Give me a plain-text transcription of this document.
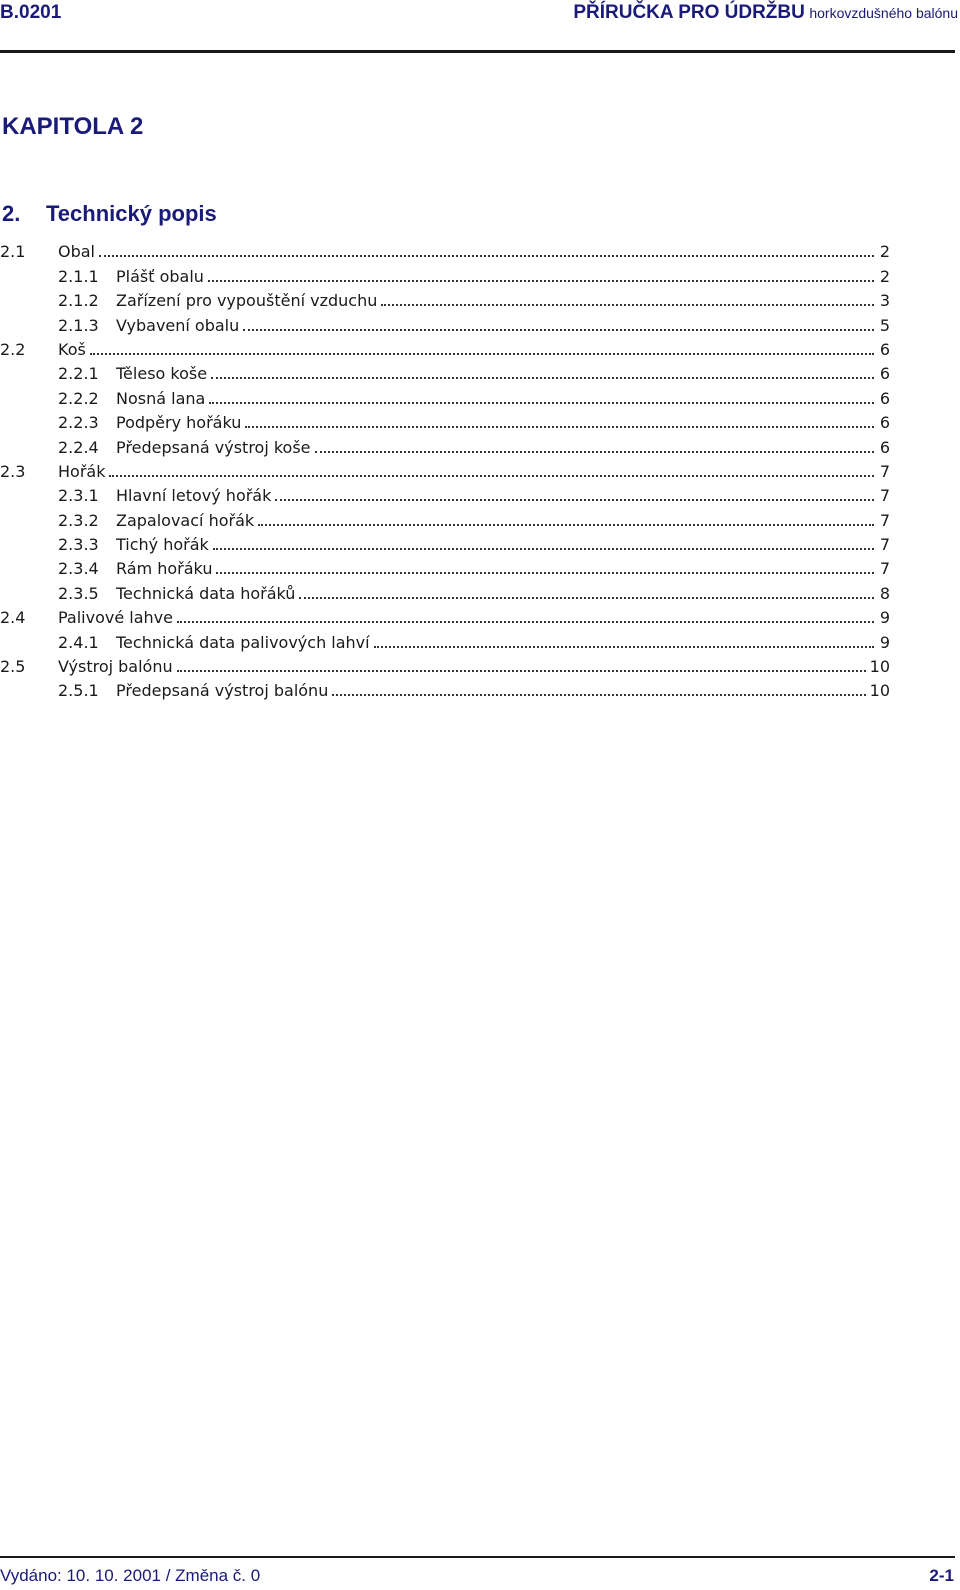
B.0201	PŘÍRUČKA PRO ÚDRŽBU horkovzdušného balónu
KAPITOLA 2
2. Technický popis
2.1	Obal	2
2.1.1	Plášť obalu	2
2.1.2	Zařízení pro vypouštění vzduchu	3
2.1.3	Vybavení obalu	5
2.2	Koš	6
2.2.1	Těleso koše	6
2.2.2	Nosná lana	6
2.2.3	Podpěry hořáku	6
2.2.4	Předepsaná výstroj koše	6
2.3	Hořák	7
2.3.1	Hlavní letový hořák	7
2.3.2	Zapalovací hořák	7
2.3.3	Tichý hořák	7
2.3.4	Rám hořáku	7
2.3.5	Technická data hořáků	8
2.4	Palivové lahve	9
2.4.1	Technická data palivových lahví	9
2.5	Výstroj balónu	10
2.5.1	Předepsaná výstroj balónu	10
Vydáno: 10. 10. 2001 / Změna č. 0	2-1
